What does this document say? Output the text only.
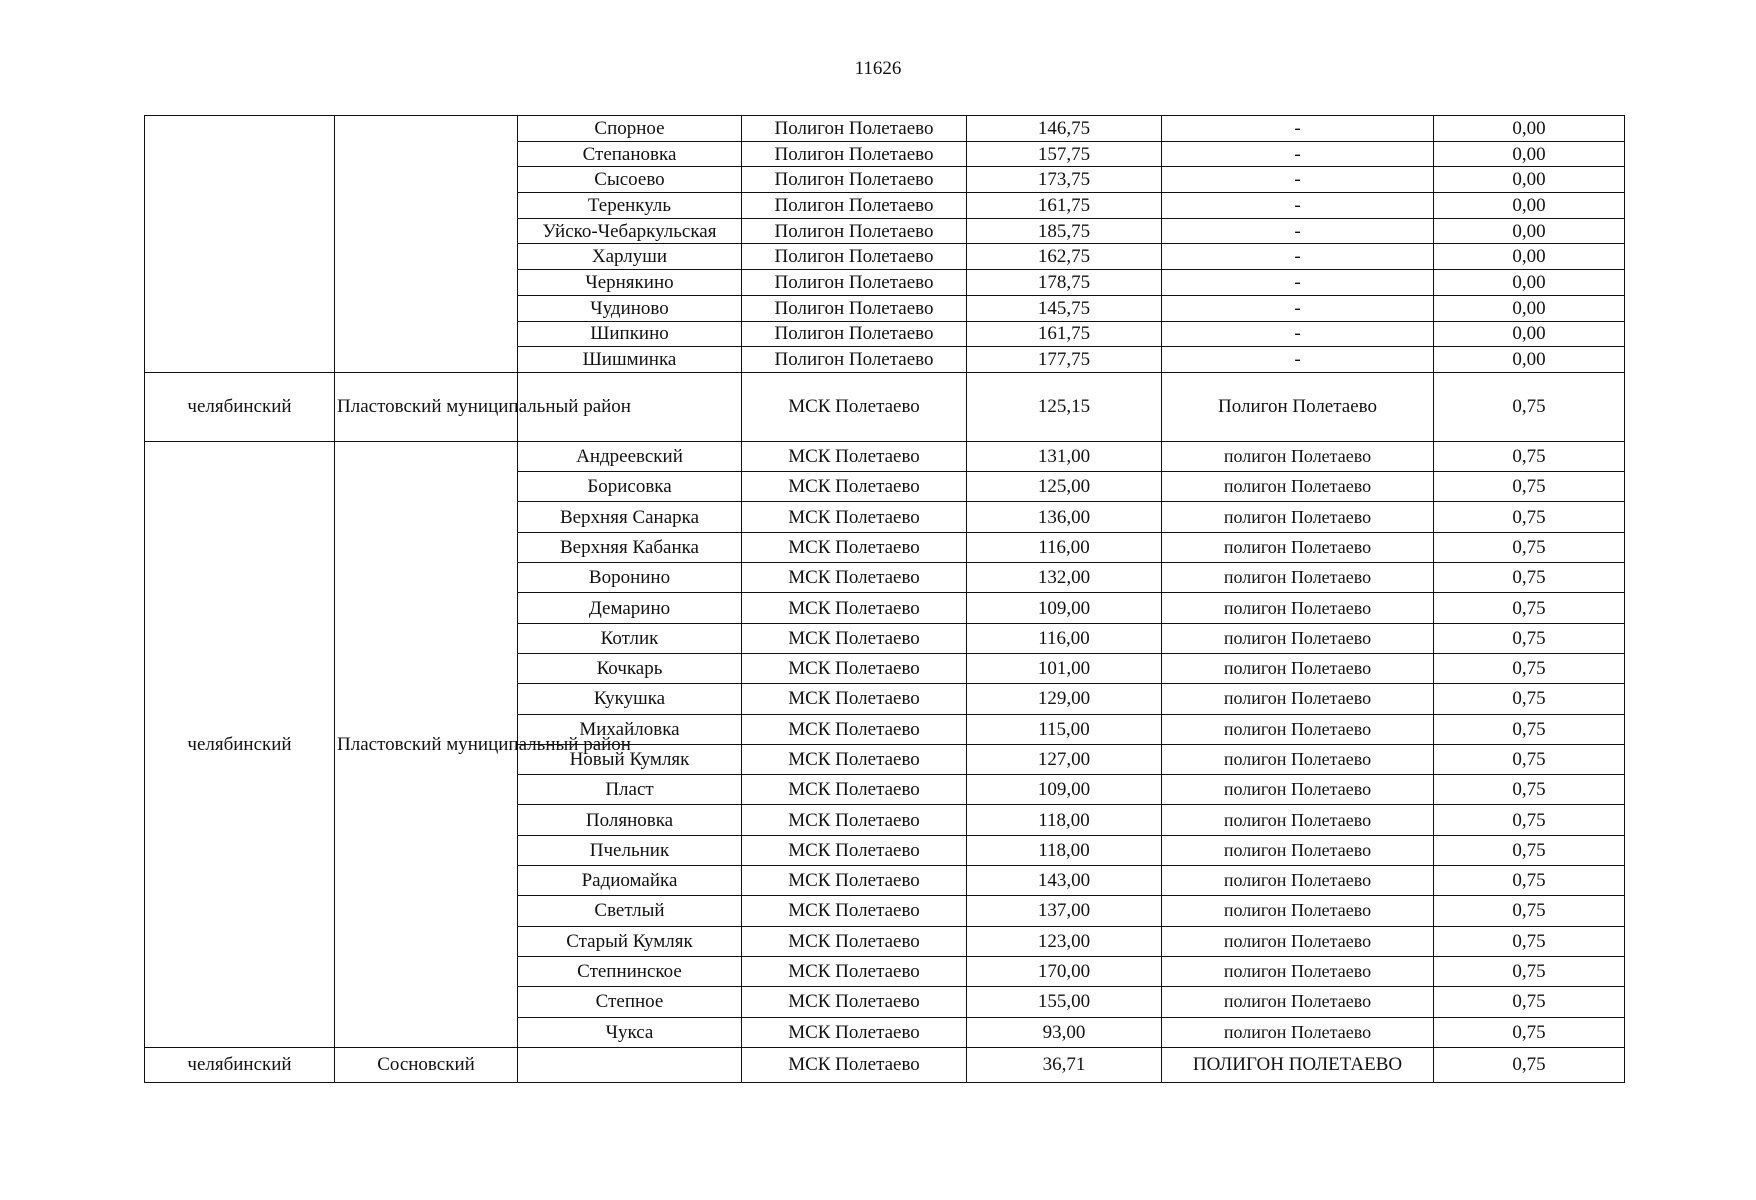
11626
		Спорное	Полигон Полетаево	146,75	-	0,00
		Степановка	Полигон Полетаево	157,75	-	0,00
		Сысоево	Полигон Полетаево	173,75	-	0,00
		Теренкуль	Полигон Полетаево	161,75	-	0,00
		Уйско-Чебаркульская	Полигон Полетаево	185,75	-	0,00
		Харлуши	Полигон Полетаево	162,75	-	0,00
		Чернякино	Полигон Полетаево	178,75	-	0,00
		Чудиново	Полигон Полетаево	145,75	-	0,00
		Шипкино	Полигон Полетаево	161,75	-	0,00
		Шишминка	Полигон Полетаево	177,75	-	0,00
челябинский	Пластовский муниципальный район		МСК Полетаево	125,15	Полигон Полетаево	0,75
челябинский	Пластовский муниципальный район	Андреевский	МСК Полетаево	131,00	полигон Полетаево	0,75
		Борисовка	МСК Полетаево	125,00	полигон Полетаево	0,75
		Верхняя Санарка	МСК Полетаево	136,00	полигон Полетаево	0,75
		Верхняя Кабанка	МСК Полетаево	116,00	полигон Полетаево	0,75
		Воронино	МСК Полетаево	132,00	полигон Полетаево	0,75
		Демарино	МСК Полетаево	109,00	полигон Полетаево	0,75
		Котлик	МСК Полетаево	116,00	полигон Полетаево	0,75
		Кочкарь	МСК Полетаево	101,00	полигон Полетаево	0,75
		Кукушка	МСК Полетаево	129,00	полигон Полетаево	0,75
		Михайловка	МСК Полетаево	115,00	полигон Полетаево	0,75
		Новый Кумляк	МСК Полетаево	127,00	полигон Полетаево	0,75
		Пласт	МСК Полетаево	109,00	полигон Полетаево	0,75
		Поляновка	МСК Полетаево	118,00	полигон Полетаево	0,75
		Пчельник	МСК Полетаево	118,00	полигон Полетаево	0,75
		Радиомайка	МСК Полетаево	143,00	полигон Полетаево	0,75
		Светлый	МСК Полетаево	137,00	полигон Полетаево	0,75
		Старый Кумляк	МСК Полетаево	123,00	полигон Полетаево	0,75
		Степнинское	МСК Полетаево	170,00	полигон Полетаево	0,75
		Степное	МСК Полетаево	155,00	полигон Полетаево	0,75
		Чукса	МСК Полетаево	93,00	полигон Полетаево	0,75
челябинский	Сосновский		МСК Полетаево	36,71	ПОЛИГОН ПОЛЕТАЕВО	0,75
